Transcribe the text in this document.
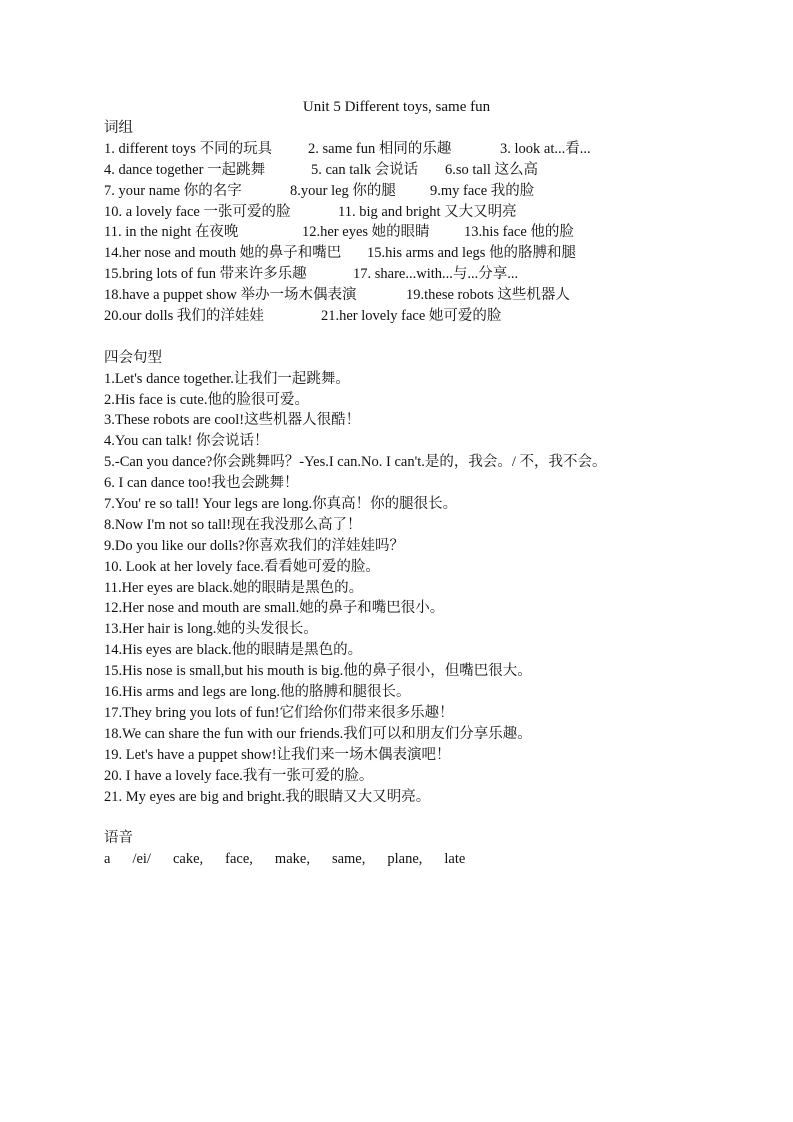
Unit 5 Different toys, same fun
词组
1. different toys 不同的玩具 2. same fun 相同的乐趣	3. look at...看...
4. dance together 一起跳舞	5. can talk 会说话 6.so tall 这么高
7. your name 你的名字	8.your leg 你的腿 9.my face 我的脸
10. a lovely face 一张可爱的脸	11. big and bright 又大又明亮
11. in the night 在夜晚	12.her eyes 她的眼睛 13.his face 他的脸
14.her nose and mouth 她的鼻子和嘴巴 15.his arms and legs 他的胳膊和腿
15.bring lots of fun 带来许多乐趣	17. share...with...与...分享...
18.have a puppet show 举办一场木偶表演	19.these robots 这些机器人
20.our dolls 我们的洋娃娃	21.her lovely face 她可爱的脸
四会句型
1.Let's dance together.让我们一起跳舞。
2.His face is cute.他的脸很可爱。
3.These robots are cool!这些机器人很酷！
4.You can talk! 你会说话！
5.-Can you dance?你会跳舞吗？-Yes.I can.No. I can't.是的，我会。/ 不，我不会。
6. I can dance too!我也会跳舞！
7.You' re so tall! Your legs are long.你真高！你的腿很长。
8.Now I'm not so tall!现在我没那么高了！
9.Do you like our dolls?你喜欢我们的洋娃娃吗？
10. Look at her lovely face.看看她可爱的脸。
11.Her eyes are black.她的眼睛是黑色的。
12.Her nose and mouth are small.她的鼻子和嘴巴很小。
13.Her hair is long.她的头发很长。
14.His eyes are black.他的眼睛是黑色的。
15.His nose is small,but his mouth is big.他的鼻子很小，但嘴巴很大。
16.His arms and legs are long.他的胳膊和腿很长。
17.They bring you lots of fun!它们给你们带来很多乐趣！
18.We can share the fun with our friends.我们可以和朋友们分享乐趣。
19. Let's have a puppet show!让我们来一场木偶表演吧！
20. I have a lovely face.我有一张可爱的脸。
21. My eyes are big and bright.我的眼睛又大又明亮。
语音
a /ei/ cake, face, make, same, plane, late
